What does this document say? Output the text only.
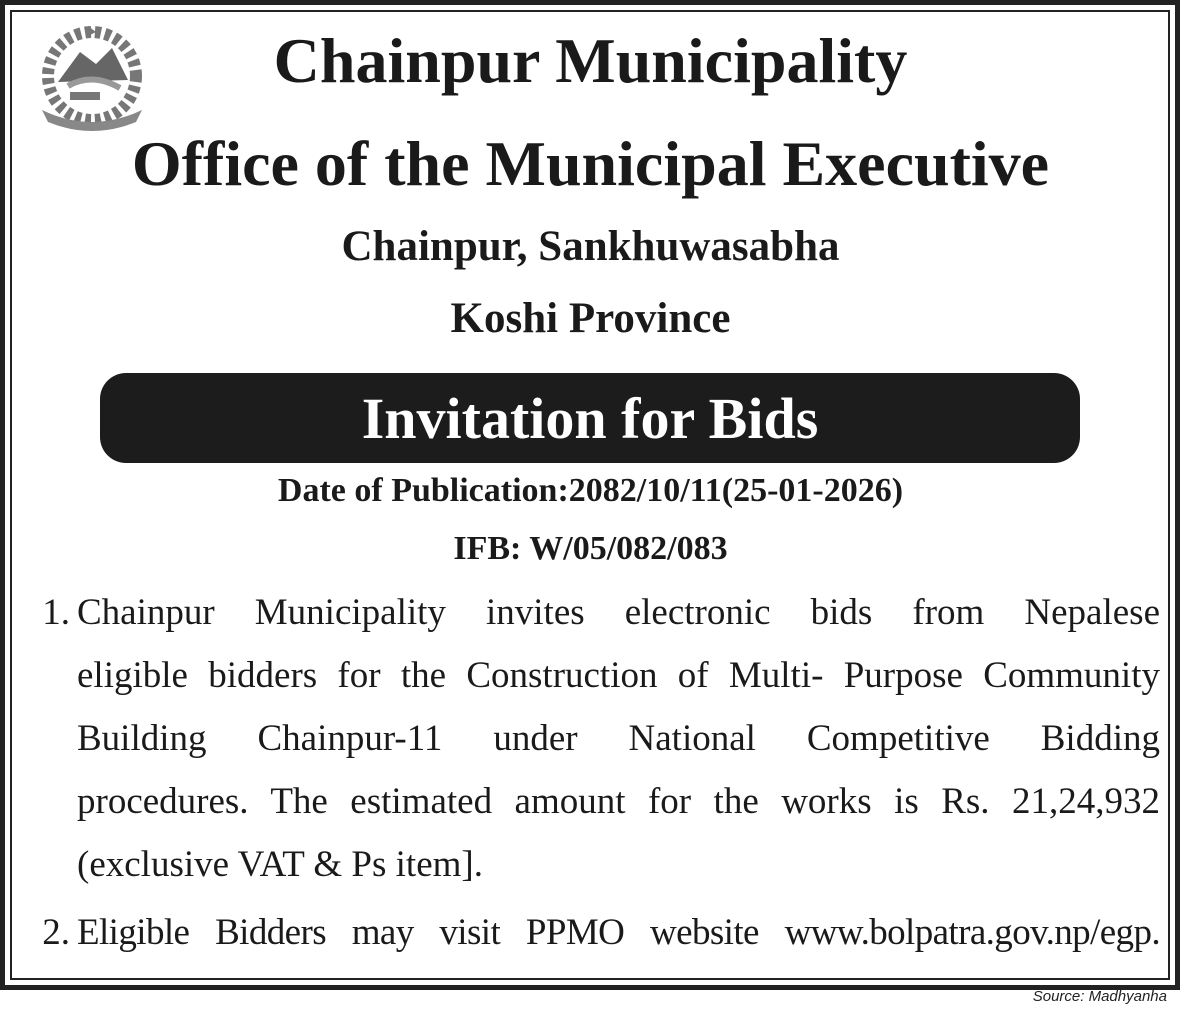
Chainpur Municipality
Office of the Municipal Executive
Chainpur, Sankhuwasabha
Koshi Province
Invitation for Bids
Date of Publication:2082/10/11(25-01-2026)
IFB: W/05/082/083
1. Chainpur Municipality invites electronic bids from Nepalese
eligible bidders for the Construction of Multi- Purpose Community
Building Chainpur-11 under National Competitive Bidding
procedures. The estimated amount for the works is Rs. 21,24,932
(exclusive VAT & Ps item].
2. Eligible Bidders may visit PPMO website www.bolpatra.gov.np/egp.
Source: Madhyanha
